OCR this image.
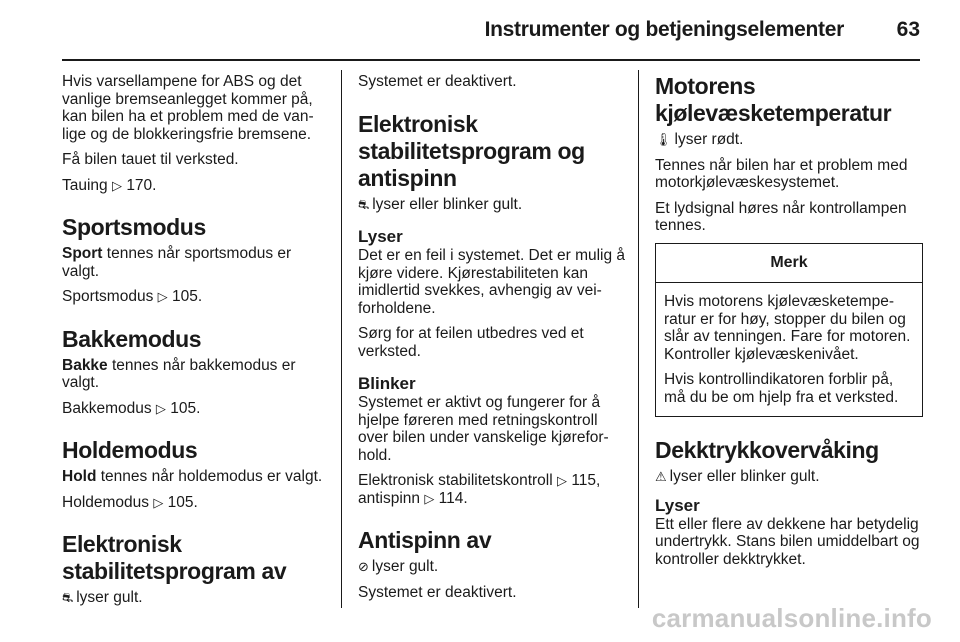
Instrumenter og betjeningselementer	63

Hvis varsellampene for ABS og det vanlige bremseanlegget kommer på, kan bilen ha et problem med de vanlige og de blokkeringsfrie bremsene.

Få bilen tauet til verksted.

Tauing ▷ 170.

Sportsmodus

Sport tennes når sportsmodus er valgt.

Sportsmodus ▷ 105.

Bakkemodus

Bakke tennes når bakkemodus er valgt.

Bakkemodus ▷ 105.

Holdemodus

Hold tennes når holdemodus er valgt.

Holdemodus ▷ 105.

Elektronisk stabilitetsprogram av

⛐ lyser gult.

Systemet er deaktivert.

Elektronisk stabilitetsprogram og antispinn

⛐ lyser eller blinker gult.

Lyser

Det er en feil i systemet. Det er mulig å kjøre videre. Kjørestabiliteten kan imidlertid svekkes, avhengig av veiforholdene.

Sørg for at feilen utbedres ved et verksted.

Blinker

Systemet er aktivt og fungerer for å hjelpe føreren med retningskontroll over bilen under vanskelige kjøreforhold.

Elektronisk stabilitetskontroll ▷ 115,
antispinn ▷ 114.

Antispinn av

⊘ lyser gult.

Systemet er deaktivert.

Motorens kjølevæsketemperatur

🌡 lyser rødt.

Tennes når bilen har et problem med motorkjølevæskesystemet.

Et lydsignal høres når kontrollampen tennes.

Merk

Hvis motorens kjølevæsketemperatur er for høy, stopper du bilen og slår av tenningen. Fare for motoren. Kontroller kjølevæskenivået.

Hvis kontrollindikatoren forblir på, må du be om hjelp fra et verksted.

Dekktrykkovervåking

⚠ lyser eller blinker gult.

Lyser

Ett eller flere av dekkene har betydelig undertrykk. Stans bilen umiddelbart og kontroller dekktrykket.

carmanualsonline.info
